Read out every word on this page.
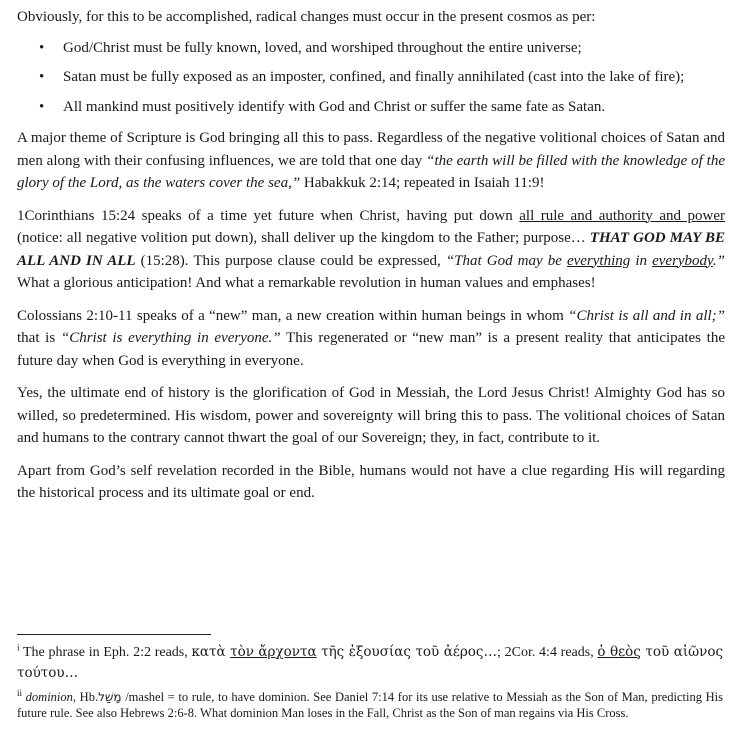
Obviously, for this to be accomplished, radical changes must occur in the present cosmos as per:

• God/Christ must be fully known, loved, and worshiped throughout the entire universe;
• Satan must be fully exposed as an imposter, confined, and finally annihilated (cast into the lake of fire);
• All mankind must positively identify with God and Christ or suffer the same fate as Satan.

A major theme of Scripture is God bringing all this to pass. Regardless of the negative volitional choices of Satan and men along with their confusing influences, we are told that one day “the earth will be filled with the knowledge of the glory of the Lord, as the waters cover the sea,” Habakkuk 2:14; repeated in Isaiah 11:9!

1Corinthians 15:24 speaks of a time yet future when Christ, having put down all rule and authority and power (notice: all negative volition put down), shall deliver up the kingdom to the Father; purpose… THAT GOD MAY BE ALL AND IN ALL (15:28). This purpose clause could be expressed, “That God may be everything in everybody.” What a glorious anticipation! And what a remarkable revolution in human values and emphases!

Colossians 2:10-11 speaks of a “new” man, a new creation within human beings in whom “Christ is all and in all;” that is “Christ is everything in everyone.” This regenerated or “new man” is a present reality that anticipates the future day when God is everything in everyone.

Yes, the ultimate end of history is the glorification of God in Messiah, the Lord Jesus Christ! Almighty God has so willed, so predetermined. His wisdom, power and sovereignty will bring this to pass. The volitional choices of Satan and humans to the contrary cannot thwart the goal of our Sovereign; they, in fact, contribute to it.

Apart from God’s self revelation recorded in the Bible, humans would not have a clue regarding His will regarding the historical process and its ultimate goal or end.

$^i$ The phrase in Eph. 2:2 reads, κατὰ τὸν ἄρχοντα τῆς ἐξουσίας τοῦ ἀέρος…; 2Cor. 4:4 reads, ὁ θεὸς τοῦ αἰῶνος τούτου…
$^{ii}$ dominion, Hb.מָשַׁל /mashel = to rule, to have dominion. See Daniel 7:14 for its use relative to Messiah as the Son of Man, predicting His future rule. See also Hebrews 2:6-8. What dominion Man loses in the Fall, Christ as the Son of man regains via His Cross.
